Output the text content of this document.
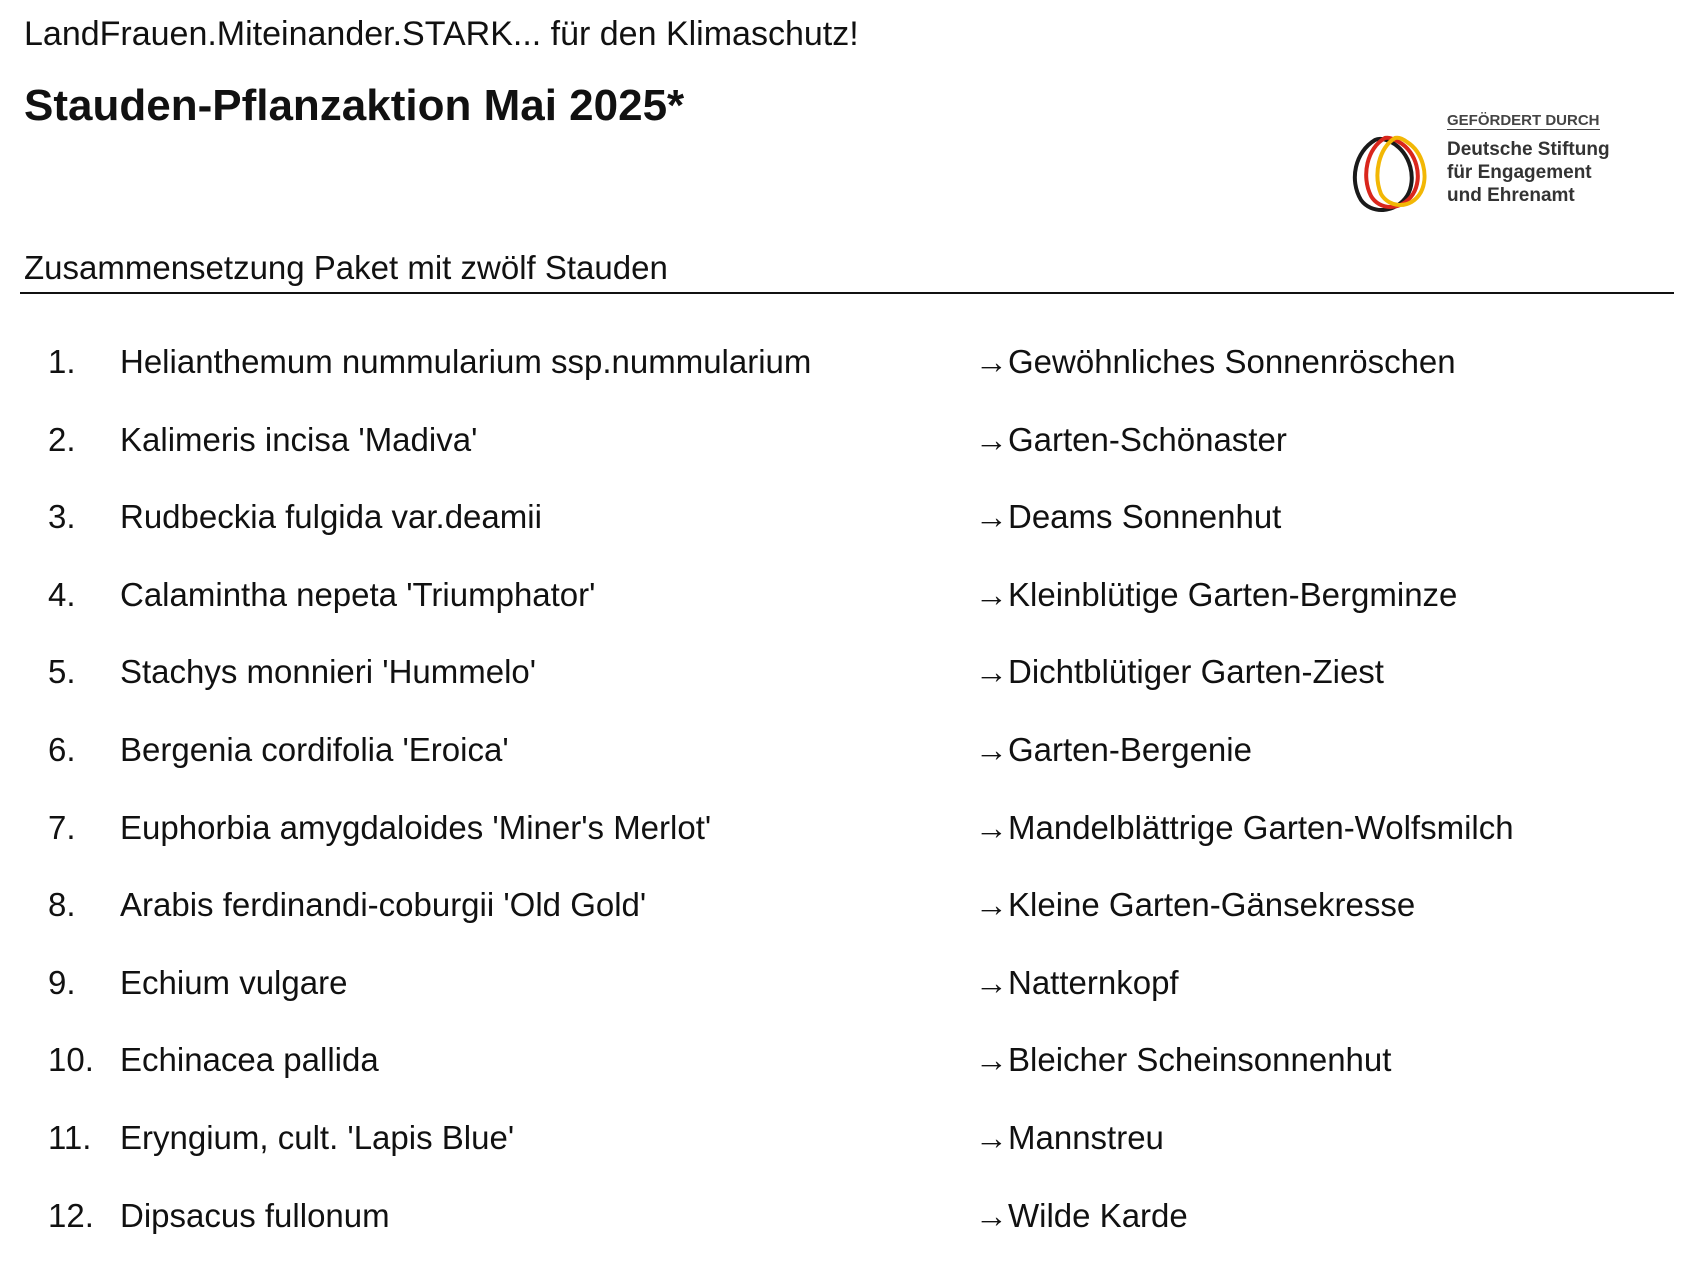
LandFrauen.Miteinander.STARK... für den Klimaschutz!
Stauden-Pflanzaktion Mai 2025*	GEFÖRDERT DURCH
Deutsche Stiftung
für Engagement
und Ehrenamt
Zusammensetzung Paket mit zwölf Stauden
1. Helianthemum nummularium ssp.nummularium	→Gewöhnliches Sonnenröschen
2. Kalimeris incisa 'Madiva'	→Garten-Schönaster
3. Rudbeckia fulgida var.deamii	→Deams Sonnenhut
4. Calamintha nepeta 'Triumphator'	→Kleinblütige Garten-Bergminze
5. Stachys monnieri 'Hummelo'	→Dichtblütiger Garten-Ziest
6. Bergenia cordifolia 'Eroica'	→Garten-Bergenie
7. Euphorbia amygdaloides 'Miner's Merlot'	→Mandelblättrige Garten-Wolfsmilch
8. Arabis ferdinandi-coburgii 'Old Gold'	→Kleine Garten-Gänsekresse
9. Echium vulgare	→Natternkopf
10. Echinacea pallida	→Bleicher Scheinsonnenhut
11. Eryngium, cult. 'Lapis Blue'	→Mannstreu
12. Dipsacus fullonum	→Wilde Karde
